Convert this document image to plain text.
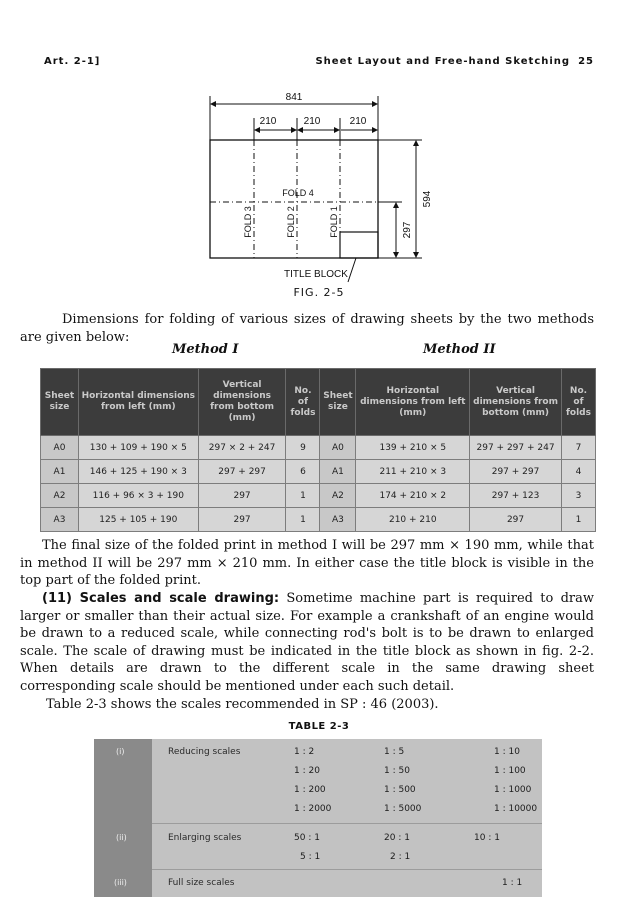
Art. 2-1]	Sheet Layout and Free-hand Sketching 25
841
210	210	210
594
297
FOLD 3	FOLD 2	FOLD 1
FOLD 4
TITLE BLOCK
FIG. 2-5
Dimensions for folding of various sizes of drawing sheets by the two methods are given below:
Method I	Method II
Sheet size	Horizontal dimensions from left (mm)	Vertical dimensions from bottom (mm)	No. of folds	Sheet size	Horizontal dimensions from left (mm)	Vertical dimensions from bottom (mm)	No. of folds
A0	130 + 109 + 190 × 5	297 × 2 + 247	9	A0	139 + 210 × 5	297 + 297 + 247	7
A1	146 + 125 + 190 × 3	297 + 297	6	A1	211 + 210 × 3	297 + 297	4
A2	116 + 96 × 3 + 190	297	1	A2	174 + 210 × 2	297 + 123	3
A3	125 + 105 + 190	297	1	A3	210 + 210	297	1
The final size of the folded print in method I will be 297 mm × 190 mm, while that in method II will be 297 mm × 210 mm. In either case the title block is visible in the top part of the folded print.
(11) Scales and scale drawing: Sometime machine part is required to draw larger or smaller than their actual size. For example a crankshaft of an engine would be drawn to a reduced scale, while connecting rod's bolt is to be drawn to enlarged scale. The scale of drawing must be indicated in the title block as shown in fig. 2-2. When details are drawn to the different scale in the same drawing sheet corresponding scale should be mentioned under each such detail.
Table 2-3 shows the scales recommended in SP : 46 (2003).
TABLE 2-3
(i)	Reducing scales	1 : 2	1 : 5	1 : 10
1 : 20	1 : 50	1 : 100
1 : 200	1 : 500	1 : 1000
1 : 2000	1 : 5000	1 : 10000
(ii)	Enlarging scales	50 : 1	20 : 1	10 : 1
5 : 1	2 : 1
(iii)	Full size scales	1 : 1
